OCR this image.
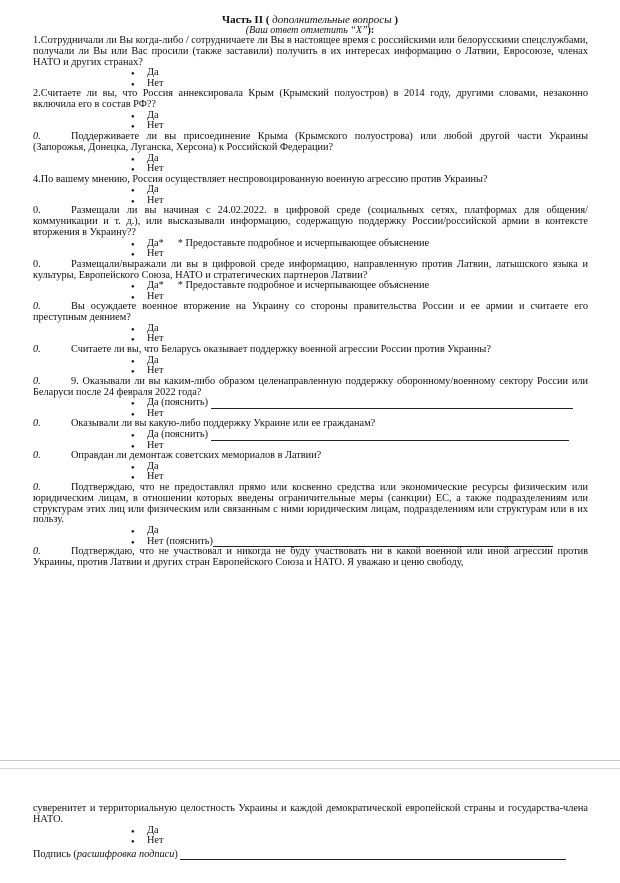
Часть II ( дополнительные вопросы )
(Ваш ответ отметить “X”):

1.Сотрудничали ли Вы когда-либо / сотрудничаете ли Вы в настоящее время с российскими или белорусскими спецслужбами, получали ли Вы или Вас просили (также заставили) получить в их интересах информацию о Латвии, Евросоюзе, членах НАТО и других странах?

● Да
● Нет

2.Считаете ли вы, что Россия аннексировала Крым (Крымский полуостров) в 2014 году, другими словами, незаконно включила его в состав РФ??

● Да
● Нет

0.	Поддерживаете ли вы присоединение Крыма (Крымского полуострова) или любой другой части Украины (Запорожья, Донецка, Луганска, Херсона) к Российской Федерации?

● Да
● Нет

4.По вашему мнению, Россия осуществляет неспровоцированную военную агрессию против Украины?

● Да
● Нет

0.	Размещали ли вы начиная с 24.02.2022. в цифровой среде (социальных сетях, платформах для общения/коммуникации и т. д.), или высказывали информацию, содержащую поддержку России/российской армии в контексте вторжения в Украину??

● Да* * Предоставьте подробное и исчерпывающее объяснение
● Нет

0.	Размещали/выражали ли вы в цифровой среде информацию, направленную против Латвии, латышского языка и культуры, Европейского Союза, НАТО и стратегических партнеров Латвии?

● Да* * Предоставьте подробное и исчерпывающее объяснение
● Нет

0.	Вы осуждаете военное вторжение на Украину со стороны правительства России и ее армии и считаете его преступным деянием?

● Да
● Нет

0.	Считаете ли вы, что Беларусь оказывает поддержку военной агрессии России против Украины?

● Да
● Нет

0.	9. Оказывали ли вы каким-либо образом целенаправленную поддержку оборонному/военному сектору России или Беларуси после 24 февраля 2022 года?

● Да (пояснить)
● Нет

0.	Оказывали ли вы какую-либо поддержку Украине или ее гражданам?

● Да (пояснить)
● Нет

0.	Оправдан ли демонтаж советских мемориалов в Латвии?

● Да
● Нет

0.	Подтверждаю, что не предоставлял прямо или косвенно средства или экономические ресурсы физическим или юридическим лицам, в отношении которых введены ограничительные меры (санкции) ЕС, а также подразделениям или структурам этих лиц или физическим или связанным с ними юридическим лицам, подразделениям или структурам или в их пользу.

● Да
● Нет (пояснить)

0.	Подтверждаю, что не участвовал и никогда не буду участвовать ни в какой военной или иной агрессии против Украины, против Латвии и других стран Европейского Союза и НАТО. Я уважаю и ценю свободу,

суверенитет и территориальную целостность Украины и каждой демократической европейской страны и государства-члена НАТО.

● Да
● Нет
Подпись (расшифровка подписи)
